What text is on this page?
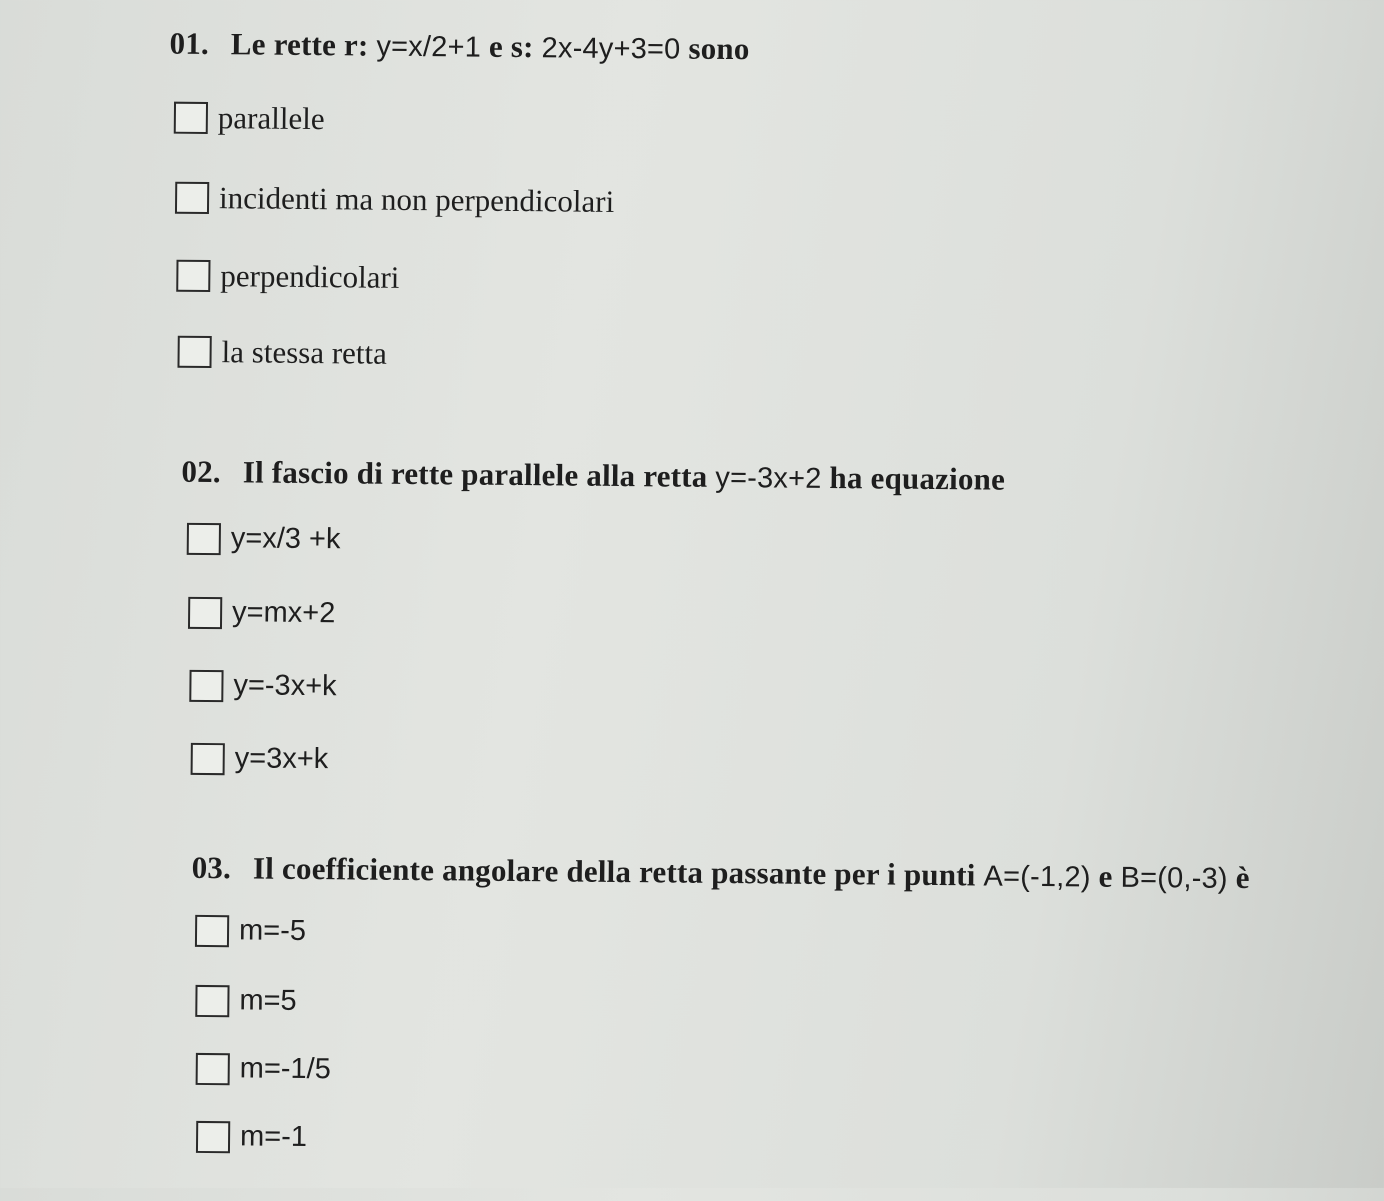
01. Le rette r: y=x/2+1 e s: 2x-4y+3=0 sono
parallele
incidenti ma non perpendicolari
perpendicolari
la stessa retta
02. Il fascio di rette parallele alla retta y=-3x+2 ha equazione
y=x/3 +k
y=mx+2
y=-3x+k
y=3x+k
03. Il coefficiente angolare della retta passante per i punti A=(-1,2) e B=(0,-3) è
m=-5
m=5
m=-1/5
m=-1
